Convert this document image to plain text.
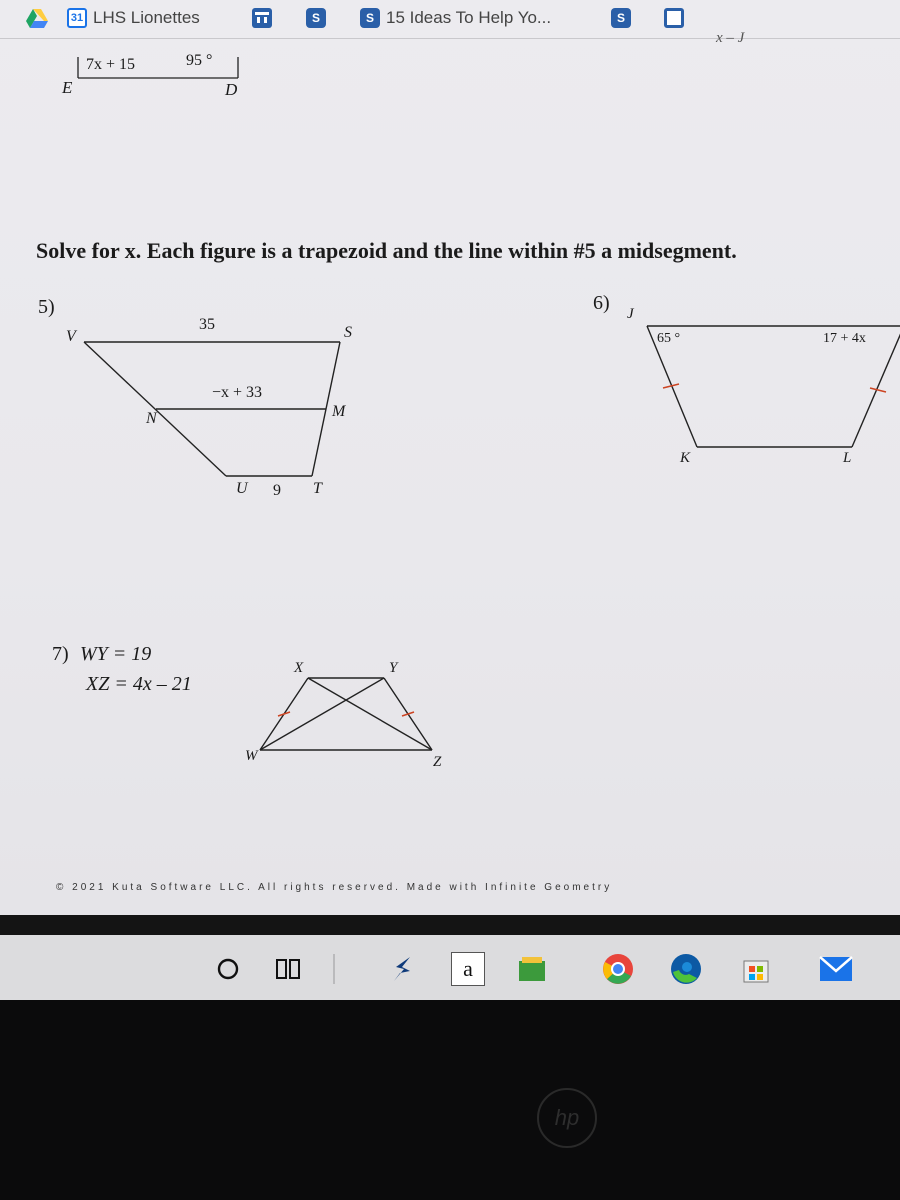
31 LHS Lionettes	S	S 15 Ideas To Help Yo...	S
7x + 15	95 °
E	D
x – J
Solve for x. Each figure is a trapezoid and the line within #5 a midsegment.
5)	6)
35
−x + 33
9
V	S
N	M
U	T
J
65 °	17 + 4x
K	L
7) WY = 19
XZ = 4x – 21
X	Y
W	Z
© 2021 Kuta Software LLC. All rights reserved. Made with Infinite Geometry
a
hp
